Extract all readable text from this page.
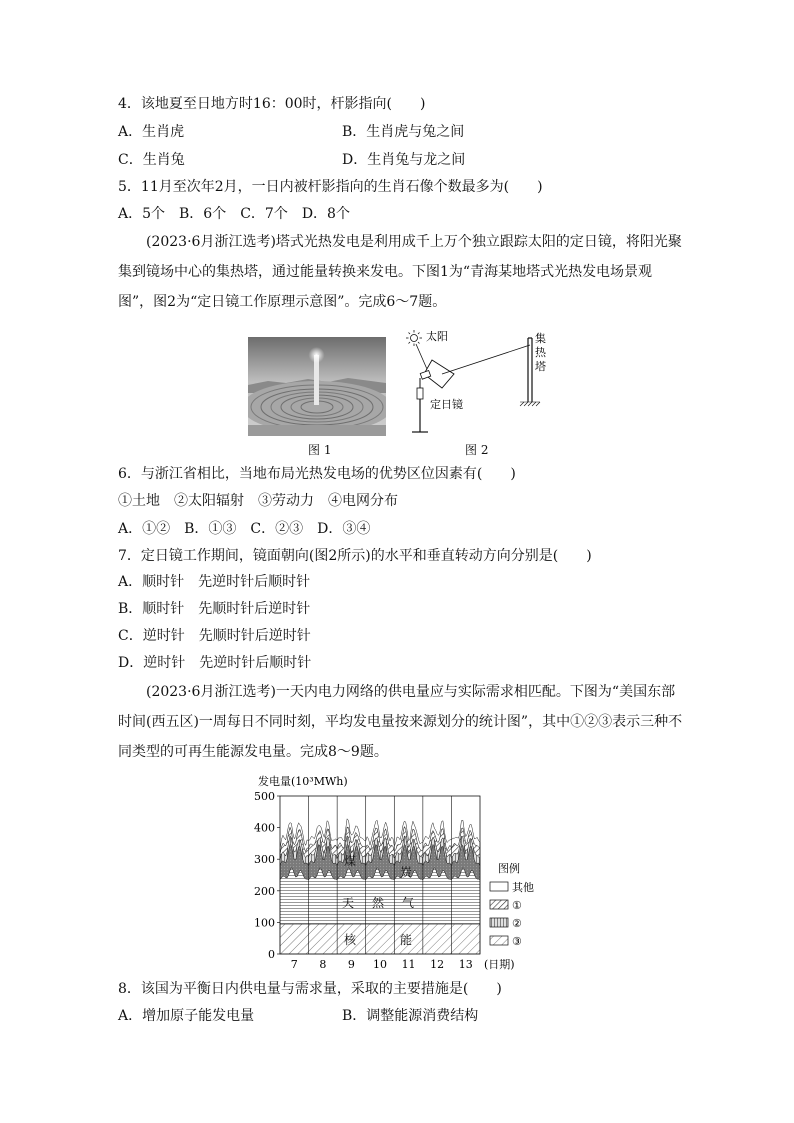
4．该地夏至日地方时16：00时，杆影指向(　　)
A．生肖虎	B．生肖虎与兔之间
C．生肖兔	D．生肖兔与龙之间
5．11月至次年2月，一日内被杆影指向的生肖石像个数最多为(　　)
A．5个　B．6个　C．7个　D．8个
(2023·6月浙江选考)塔式光热发电是利用成千上万个独立跟踪太阳的定日镜，将阳光聚
集到镜场中心的集热塔，通过能量转换来发电。下图1为“青海某地塔式光热发电场景观
图”，图2为“定日镜工作原理示意图”。完成6～7题。
图 1
太阳
定日镜
集
热
塔
图 2
6．与浙江省相比，当地布局光热发电场的优势区位因素有(　　)
①土地　②太阳辐射　③劳动力　④电网分布
A．①②　B．①③　C．②③　D．③④
7．定日镜工作期间，镜面朝向(图2所示)的水平和垂直转动方向分别是(　　)
A．顺时针　先逆时针后顺时针
B．顺时针　先顺时针后逆时针
C．逆时针　先顺时针后逆时针
D．逆时针　先逆时针后顺时针
(2023·6月浙江选考)一天内电力网络的供电量应与实际需求相匹配。下图为“美国东部
时间(西五区)一周每日不同时刻，平均发电量按来源划分的统计图”，其中①②③表示三种不
同类型的可再生能源发电量。完成8～9题。
0
100
200
300
400
500
发电量(10³MWh)
7 8 9 10 11 12 13 (日期)
煤
炭
天 然 气
核	能
图例
其他
①
②
③
8．该国为平衡日内供电量与需求量，采取的主要措施是(　　)
A．增加原子能发电量	B．调整能源消费结构
